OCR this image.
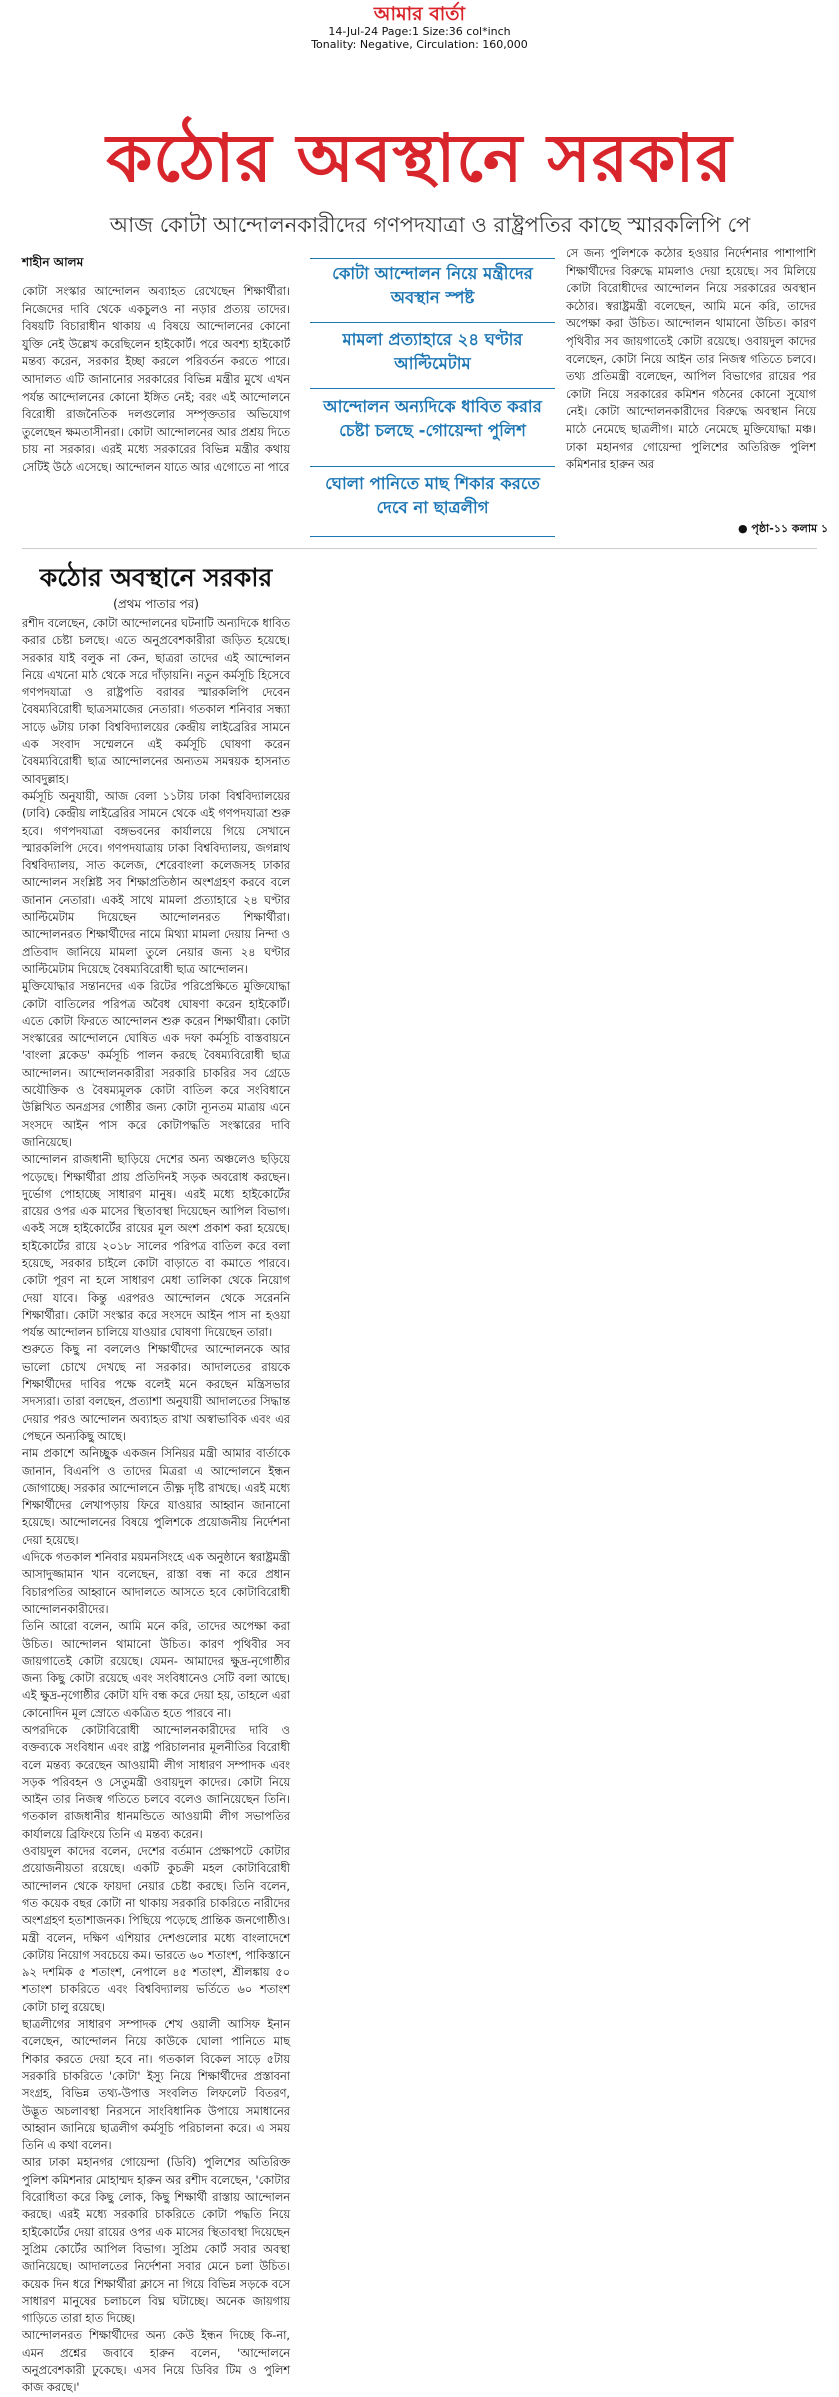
আমার বার্তা
14-Jul-24 Page:1 Size:36 col*inch
Tonality: Negative, Circulation: 160,000
কঠোর অবস্থানে সরকার
আজ কোটা আন্দোলনকারীদের গণপদযাত্রা ও রাষ্ট্রপতির কাছে স্মারকলিপি পে
শাহীন আলম
কোটা সংস্কার আন্দোলন অব্যাহত রেখেছেন শিক্ষার্থীরা। নিজেদের দাবি থেকে একচুলও না নড়ার প্রত্যয় তাদের। বিষয়টি বিচারাধীন থাকায় এ বিষয়ে আন্দোলনের কোনো যুক্তি নেই উল্লেখ করেছিলেন হাইকোর্ট। পরে অবশ্য হাইকোর্ট মন্তব্য করেন, সরকার ইচ্ছা করলে পরিবর্তন করতে পারে। আদালত এটি জানানোর সরকারের বিভিন্ন মন্ত্রীর মুখে এখন পর্যন্ত আন্দোলনের কোনো ইঙ্গিত নেই; বরং এই আন্দোলনে বিরোধী রাজনৈতিক দলগুলোর সম্পৃক্ততার অভিযোগ তুলেছেন ক্ষমতাসীনরা। কোটা আন্দোলনের আর প্রশ্রয় দিতে চায় না সরকার। এরই মধ্যে সরকারের বিভিন্ন মন্ত্রীর কথায় সেটিই উঠে এসেছে। আন্দোলন যাতে আর এগোতে না পারে
কোটা আন্দোলন নিয়ে মন্ত্রীদের অবস্থান স্পষ্ট
মামলা প্রত্যাহারে ২৪ ঘণ্টার আল্টিমেটাম
আন্দোলন অন্যদিকে ধাবিত করার চেষ্টা চলছে -গোয়েন্দা পুলিশ
ঘোলা পানিতে মাছ শিকার করতে দেবে না ছাত্রলীগ
সে জন্য পুলিশকে কঠোর হওয়ার নির্দেশনার পাশাপাশি শিক্ষার্থীদের বিরুদ্ধে মামলাও দেয়া হয়েছে। সব মিলিয়ে কোটা বিরোধীদের আন্দোলন নিয়ে সরকারের অবস্থান কঠোর। স্বরাষ্ট্রমন্ত্রী বলেছেন, আমি মনে করি, তাদের অপেক্ষা করা উচিত। আন্দোলন থামানো উচিত। কারণ পৃথিবীর সব জায়গাতেই কোটা রয়েছে। ওবায়দুল কাদের বলেছেন, কোটা নিয়ে আইন তার নিজস্ব গতিতে চলবে। তথ্য প্রতিমন্ত্রী বলেছেন, আপিল বিভাগের রায়ের পর কোটা নিয়ে সরকারের কমিশন গঠনের কোনো সুযোগ নেই। কোটা আন্দোলনকারীদের বিরুদ্ধে অবস্থান নিয়ে মাঠে নেমেছে ছাত্রলীগ। মাঠে নেমেছে মুক্তিযোদ্ধা মঞ্চ। ঢাকা মহানগর গোয়েন্দা পুলিশের অতিরিক্ত পুলিশ কমিশনার হারুন অর
● পৃষ্ঠা-১১ কলাম ১
কঠোর অবস্থানে সরকার
(প্রথম পাতার পর)

রশীদ বলেছেন, কোটা আন্দোলনের ঘটনাটি অন্যদিকে ধাবিত করার চেষ্টা চলছে। এতে অনুপ্রবেশকারীরা জড়িত হয়েছে। সরকার যাই বলুক না কেন, ছাত্ররা তাদের এই আন্দোলন নিয়ে এখনো মাঠ থেকে সরে দাঁড়ায়নি। নতুন কর্মসূচি হিসেবে গণপদযাত্রা ও রাষ্ট্রপতি বরাবর স্মারকলিপি দেবেন বৈষম্যবিরোধী ছাত্রসমাজের নেতারা। গতকাল শনিবার সন্ধ্যা সাড়ে ৬টায় ঢাকা বিশ্ববিদ্যালয়ের কেন্দ্রীয় লাইব্রেরির সামনে এক সংবাদ সম্মেলনে এই কর্মসূচি ঘোষণা করেন বৈষম্যবিরোধী ছাত্র আন্দোলনের অন্যতম সমন্বয়ক হাসনাত আবদুল্লাহ।

কর্মসূচি অনুযায়ী, আজ বেলা ১১টায় ঢাকা বিশ্ববিদ্যালয়ের (ঢাবি) কেন্দ্রীয় লাইব্রেরির সামনে থেকে এই গণপদযাত্রা শুরু হবে। গণপদযাত্রা বঙ্গভবনের কার্যালয়ে গিয়ে সেখানে স্মারকলিপি দেবে। গণপদযাত্রায় ঢাকা বিশ্ববিদ্যালয়, জগন্নাথ বিশ্ববিদ্যালয়, সাত কলেজ, শেরেবাংলা কলেজসহ ঢাকার আন্দোলন সংশ্লিষ্ট সব শিক্ষাপ্রতিষ্ঠান অংশগ্রহণ করবে বলে জানান নেতারা। একই সাথে মামলা প্রত্যাহারে ২৪ ঘণ্টার আল্টিমেটাম দিয়েছেন আন্দোলনরত শিক্ষার্থীরা। আন্দোলনরত শিক্ষার্থীদের নামে মিথ্যা মামলা দেয়ায় নিন্দা ও প্রতিবাদ জানিয়ে মামলা তুলে নেয়ার জন্য ২৪ ঘণ্টার আল্টিমেটাম দিয়েছে বৈষম্যবিরোধী ছাত্র আন্দোলন।

মুক্তিযোদ্ধার সন্তানদের এক রিটের পরিপ্রেক্ষিতে মুক্তিযোদ্ধা কোটা বাতিলের পরিপত্র অবৈধ ঘোষণা করেন হাইকোর্ট। এতে কোটা ফিরতে আন্দোলন শুরু করেন শিক্ষার্থীরা। কোটা সংস্কারের আন্দোলনে ঘোষিত এক দফা কর্মসূচি বাস্তবায়নে 'বাংলা ব্লকেড' কর্মসূচি পালন করছে বৈষম্যবিরোধী ছাত্র আন্দোলন। আন্দোলনকারীরা সরকারি চাকরির সব গ্রেডে অযৌক্তিক ও বৈষম্যমূলক কোটা বাতিল করে সংবিধানে উল্লিখিত অনগ্রসর গোষ্ঠীর জন্য কোটা ন্যূনতম মাত্রায় এনে সংসদে আইন পাস করে কোটাপদ্ধতি সংস্কারের দাবি জানিয়েছে।

আন্দোলন রাজধানী ছাড়িয়ে দেশের অন্য অঞ্চলেও ছড়িয়ে পড়েছে। শিক্ষার্থীরা প্রায় প্রতিদিনই সড়ক অবরোধ করছেন। দুর্ভোগ পোহাচ্ছে সাধারণ মানুষ। এরই মধ্যে হাইকোর্টের রায়ের ওপর এক মাসের স্থিতাবস্থা দিয়েছেন আপিল বিভাগ। একই সঙ্গে হাইকোর্টের রায়ের মূল অংশ প্রকাশ করা হয়েছে। হাইকোর্টের রায়ে ২০১৮ সালের পরিপত্র বাতিল করে বলা হয়েছে, সরকার চাইলে কোটা বাড়াতে বা কমাতে পারবে। কোটা পূরণ না হলে সাধারণ মেধা তালিকা থেকে নিয়োগ দেয়া যাবে। কিন্তু এরপরও আন্দোলন থেকে সরেননি শিক্ষার্থীরা। কোটা সংস্কার করে সংসদে আইন পাস না হওয়া পর্যন্ত আন্দোলন চালিয়ে যাওয়ার ঘোষণা দিয়েছেন তারা।

শুরুতে কিছু না বললেও শিক্ষার্থীদের আন্দোলনকে আর ভালো চোখে দেখছে না সরকার। আদালতের রায়কে শিক্ষার্থীদের দাবির পক্ষে বলেই মনে করছেন মন্ত্রিসভার সদস্যরা। তারা বলছেন, প্রত্যাশা অনুযায়ী আদালতের সিদ্ধান্ত দেয়ার পরও আন্দোলন অব্যাহত রাখা অস্বাভাবিক এবং এর পেছনে অন্যকিছু আছে।

নাম প্রকাশে অনিচ্ছুক একজন সিনিয়র মন্ত্রী আমার বার্তাকে জানান, বিএনপি ও তাদের মিত্ররা এ আন্দোলনে ইন্ধন জোগাচ্ছে। সরকার আন্দোলনে তীক্ষ্ণ দৃষ্টি রাখছে। এরই মধ্যে শিক্ষার্থীদের লেখাপড়ায় ফিরে যাওয়ার আহ্বান জানানো হয়েছে। আন্দোলনের বিষয়ে পুলিশকে প্রয়োজনীয় নির্দেশনা দেয়া হয়েছে।

এদিকে গতকাল শনিবার ময়মনসিংহে এক অনুষ্ঠানে স্বরাষ্ট্রমন্ত্রী আসাদুজ্জামান খান বলেছেন, রাস্তা বন্ধ না করে প্রধান বিচারপতির আহ্বানে আদালতে আসতে হবে কোটাবিরোধী আন্দোলনকারীদের।

তিনি আরো বলেন, আমি মনে করি, তাদের অপেক্ষা করা উচিত। আন্দোলন থামানো উচিত। কারণ পৃথিবীর সব জায়গাতেই কোটা রয়েছে। যেমন- আমাদের ক্ষুদ্র-নৃগোষ্ঠীর জন্য কিছু কোটা রয়েছে এবং সংবিধানেও সেটি বলা আছে। এই ক্ষুদ্র-নৃগোষ্ঠীর কোটা যদি বন্ধ করে দেয়া হয়, তাহলে এরা কোনোদিন মূল স্রোতে একত্রিত হতে পারবে না।

অপরদিকে কোটাবিরোধী আন্দোলনকারীদের দাবি ও বক্তব্যকে সংবিধান এবং রাষ্ট্র পরিচালনার মূলনীতির বিরোধী বলে মন্তব্য করেছেন আওয়ামী লীগ সাধারণ সম্পাদক এবং সড়ক পরিবহন ও সেতুমন্ত্রী ওবায়দুল কাদের। কোটা নিয়ে আইন তার নিজস্ব গতিতে চলবে বলেও জানিয়েছেন তিনি। গতকাল রাজধানীর ধানমন্ডিতে আওয়ামী লীগ সভাপতির কার্যালয়ে ব্রিফিংয়ে তিনি এ মন্তব্য করেন।

ওবায়দুল কাদের বলেন, দেশের বর্তমান প্রেক্ষাপটে কোটার প্রয়োজনীয়তা রয়েছে। একটি কুচক্রী মহল কোটাবিরোধী আন্দোলন থেকে ফায়দা নেয়ার চেষ্টা করছে। তিনি বলেন, গত কয়েক বছর কোটা না থাকায় সরকারি চাকরিতে নারীদের অংশগ্রহণ হতাশাজনক। পিছিয়ে পড়েছে প্রান্তিক জনগোষ্ঠীও। মন্ত্রী বলেন, দক্ষিণ এশিয়ার দেশগুলোর মধ্যে বাংলাদেশে কোটায় নিয়োগ সবচেয়ে কম। ভারতে ৬০ শতাংশ, পাকিস্তানে ৯২ দশমিক ৫ শতাংশ, নেপালে ৪৫ শতাংশ, শ্রীলঙ্কায় ৫০ শতাংশ চাকরিতে এবং বিশ্ববিদ্যালয় ভর্তিতে ৬০ শতাংশ কোটা চালু রয়েছে।

ছাত্রলীগের সাধারণ সম্পাদক শেখ ওয়ালী আসিফ ইনান বলেছেন, আন্দোলন নিয়ে কাউকে ঘোলা পানিতে মাছ শিকার করতে দেয়া হবে না। গতকাল বিকেল সাড়ে ৫টায় সরকারি চাকরিতে 'কোটা' ইস্যু নিয়ে শিক্ষার্থীদের প্রস্তাবনা সংগ্রহ, বিভিন্ন তথ্য-উপাত্ত সংবলিত লিফলেট বিতরণ, উদ্ভূত অচলাবস্থা নিরসনে সাংবিধানিক উপায়ে সমাধানের আহ্বান জানিয়ে ছাত্রলীগ কর্মসূচি পরিচালনা করে। এ সময় তিনি এ কথা বলেন।

আর ঢাকা মহানগর গোয়েন্দা (ডিবি) পুলিশের অতিরিক্ত পুলিশ কমিশনার মোহাম্মদ হারুন অর রশীদ বলেছেন, 'কোটার বিরোধিতা করে কিছু লোক, কিছু শিক্ষার্থী রাস্তায় আন্দোলন করছে। এরই মধ্যে সরকারি চাকরিতে কোটা পদ্ধতি নিয়ে হাইকোর্টের দেয়া রায়ের ওপর এক মাসের স্থিতাবস্থা দিয়েছেন সুপ্রিম কোর্টের আপিল বিভাগ। সুপ্রিম কোর্ট সবার অবস্থা জানিয়েছে। আদালতের নির্দেশনা সবার মেনে চলা উচিত। কয়েক দিন ধরে শিক্ষার্থীরা ক্লাসে না গিয়ে বিভিন্ন সড়কে বসে সাধারণ মানুষের চলাচলে বিঘ্ন ঘটাচ্ছে। অনেক জায়গায় গাড়িতে তারা হাত দিচ্ছে।

আন্দোলনরত শিক্ষার্থীদের অন্য কেউ ইন্ধন দিচ্ছে কি-না, এমন প্রশ্নের জবাবে হারুন বলেন, 'আন্দোলনে অনুপ্রবেশকারী ঢুকেছে। এসব নিয়ে ডিবির টিম ও পুলিশ কাজ করছে।'
